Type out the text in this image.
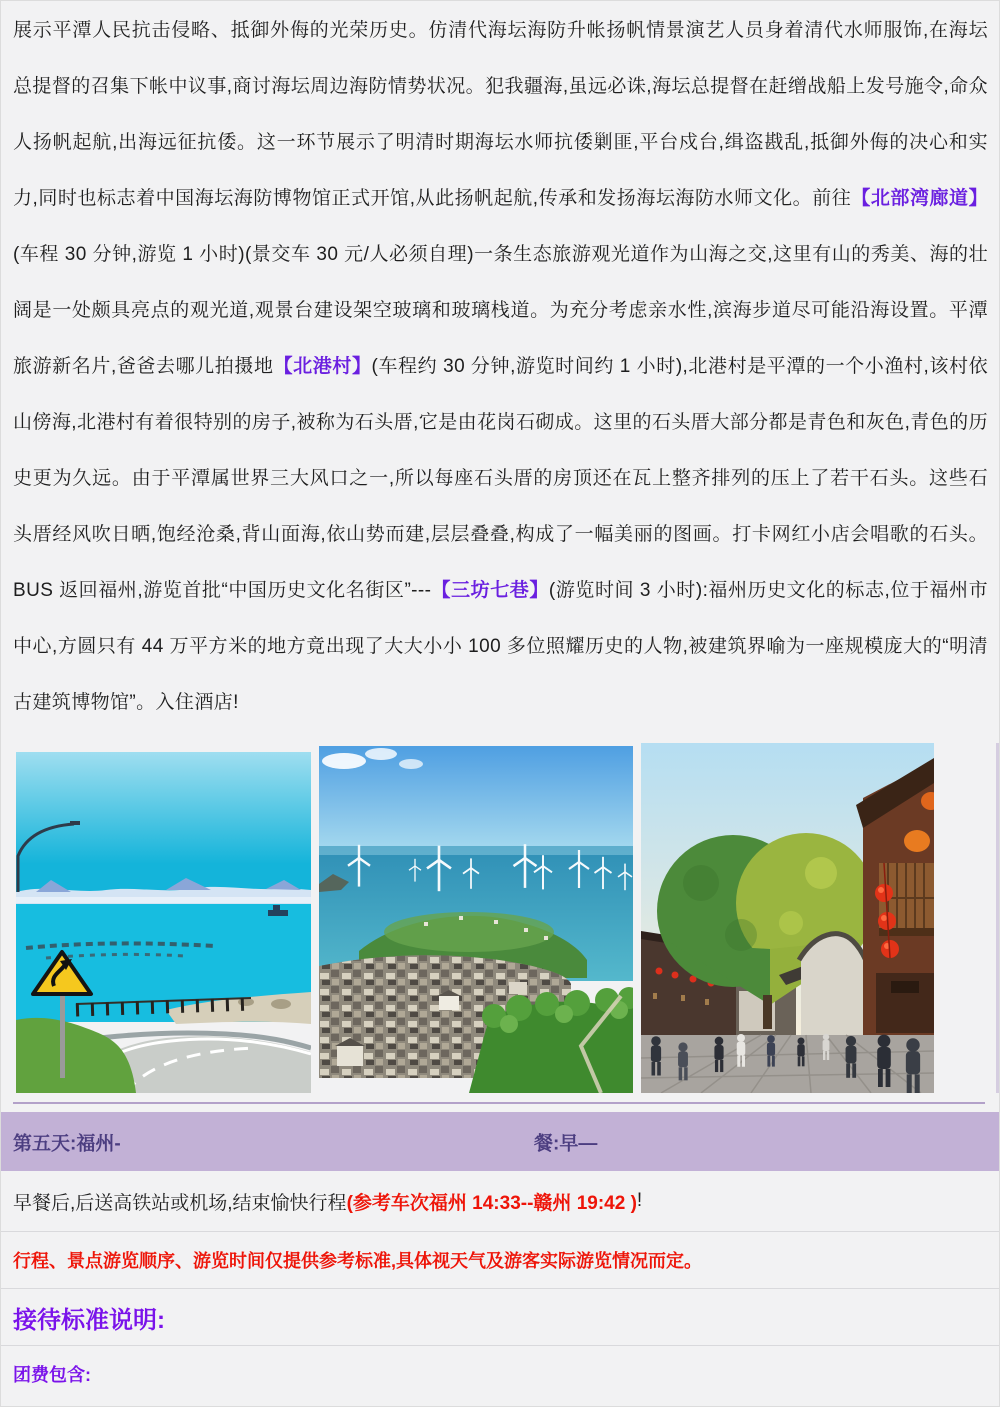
展示平潭人民抗击侵略、抵御外侮的光荣历史。仿清代海坛海防升帐扬帆情景演艺人员身着清代水师服饰,在海坛总提督的召集下帐中议事,商讨海坛周边海防情势状况。犯我疆海,虽远必诛,海坛总提督在赶缯战船上发号施令,命众人扬帆起航,出海远征抗倭。这一环节展示了明清时期海坛水师抗倭剿匪,平台戍台,缉盗戡乱,抵御外侮的决心和实力,同时也标志着中国海坛海防博物馆正式开馆,从此扬帆起航,传承和发扬海坛海防水师文化。前往【北部湾廊道】(车程 30 分钟,游览 1 小时)(景交车 30 元/人必须自理)一条生态旅游观光道作为山海之交,这里有山的秀美、海的壮阔是一处颇具亮点的观光道,观景台建设架空玻璃和玻璃栈道。为充分考虑亲水性,滨海步道尽可能沿海设置。平潭旅游新名片,爸爸去哪儿拍摄地【北港村】(车程约 30 分钟,游览时间约 1 小时),北港村是平潭的一个小渔村,该村依山傍海,北港村有着很特别的房子,被称为石头厝,它是由花岗石砌成。这里的石头厝大部分都是青色和灰色,青色的历史更为久远。由于平潭属世界三大风口之一,所以每座石头厝的房顶还在瓦上整齐排列的压上了若干石头。这些石头厝经风吹日晒,饱经沧桑,背山面海,依山势而建,层层叠叠,构成了一幅美丽的图画。打卡网红小店会唱歌的石头。BUS 返回福州,游览首批“中国历史文化名街区”---【三坊七巷】(游览时间 3 小时):福州历史文化的标志,位于福州市中心,方圆只有 44 万平方米的地方竟出现了大大小小 100 多位照耀历史的人物,被建筑界喻为一座规模庞大的“明清古建筑博物馆”。入住酒店!
第五天:福州-	餐:早—
早餐后,后送高铁站或机场,结束愉快行程 (参考车次福州 14:33--赣州 19:42 ) !
行程、景点游览顺序、游览时间仅提供参考标准,具体视天气及游客实际游览情况而定。
接待标准说明:
团费包含:
